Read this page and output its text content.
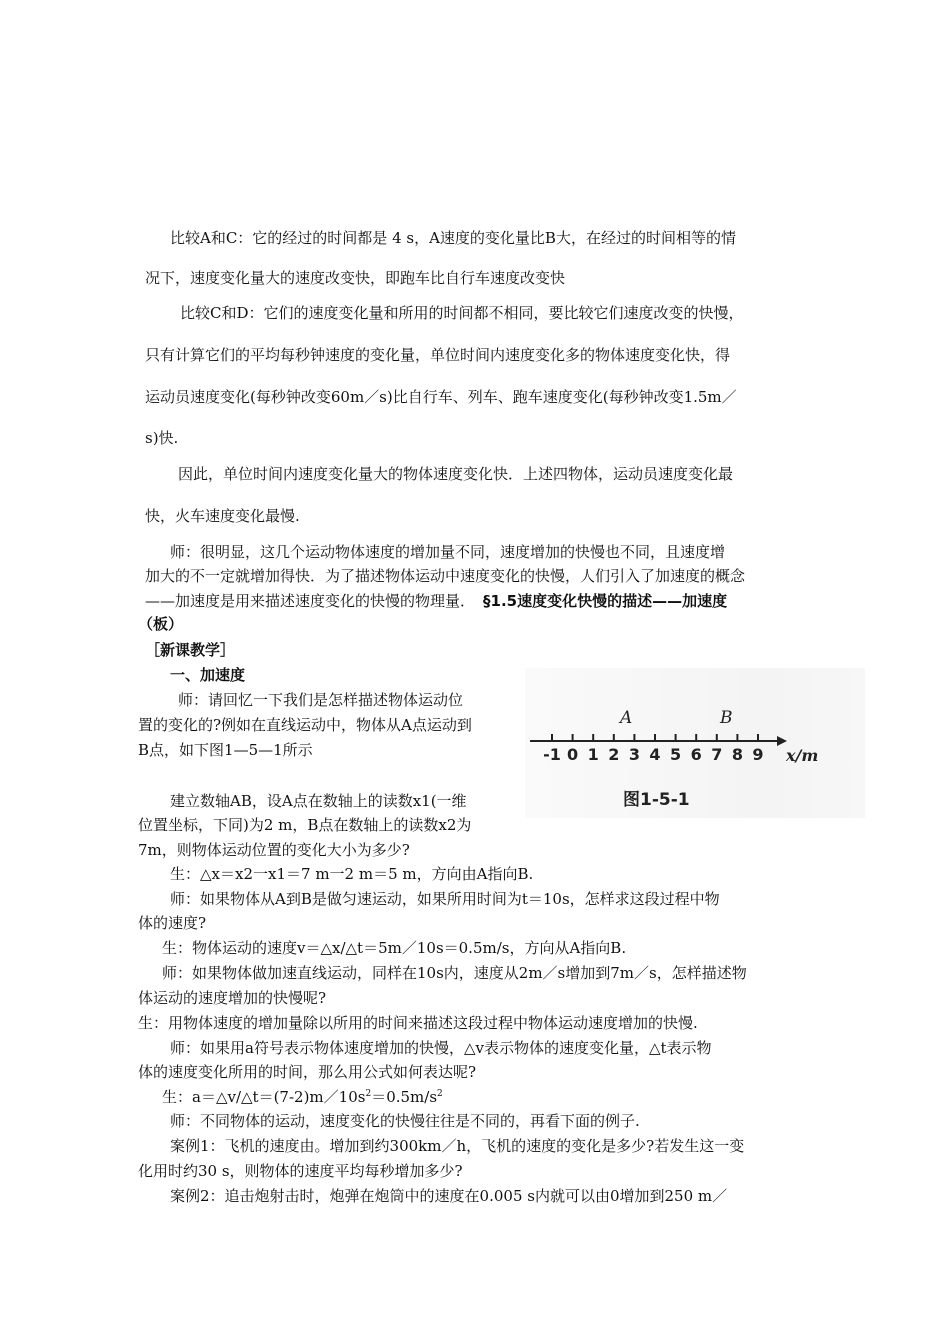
比较A和C：它的经过的时间都是 4 s，A速度的变化量比B大，在经过的时间相等的情
况下，速度变化量大的速度改变快，即跑车比自行车速度改变快
比较C和D：它们的速度变化量和所用的时间都不相同，要比较它们速度改变的快慢，
只有计算它们的平均每秒钟速度的变化量，单位时间内速度变化多的物体速度变化快，得
运动员速度变化(每秒钟改变60m／s)比自行车、列车、跑车速度变化(每秒钟改变1.5m／
s)快.
因此，单位时间内速度变化量大的物体速度变化快．上述四物体，运动员速度变化最
快，火车速度变化最慢.
师：很明显，这几个运动物体速度的增加量不同，速度增加的快慢也不同，且速度增
加大的不一定就增加得快．为了描述物体运动中速度变化的快慢，人们引入了加速度的概念
——加速度是用来描述速度变化的快慢的物理量． §1.5速度变化快慢的描述——加速度
（板）
［新课教学］
一、加速度
师：请回忆一下我们是怎样描述物体运动位
置的变化的?例如在直线运动中，物体从A点运动到
B点，如下图1—5—1所示
建立数轴AB，设A点在数轴上的读数x1(一维
位置坐标，下同)为2 m，B点在数轴上的读数x2为
7m，则物体运动位置的变化大小为多少?
-1 0 1 2 3 4 5 6 7 8 9
A	B
x/m
图1-5-1
生：△x＝x2一x1＝7 m一2 m＝5 m，方向由A指向B.
师：如果物体从A到B是做匀速运动，如果所用时间为t＝10s，怎样求这段过程中物
体的速度?
生：物体运动的速度v＝△x/△t＝5m／10s＝0.5m/s，方向从A指向B.
师：如果物体做加速直线运动，同样在10s内，速度从2m／s增加到7m／s，怎样描述物
体运动的速度增加的快慢呢?
生：用物体速度的增加量除以所用的时间来描述这段过程中物体运动速度增加的快慢.
师：如果用a符号表示物体速度增加的快慢，△v表示物体的速度变化量，△t表示物
体的速度变化所用的时间，那么用公式如何表达呢?
生：$a=\triangle v/\triangle t=(7-2)m/10s^2=0.5m/s^2$
师：不同物体的运动，速度变化的快慢往往是不同的，再看下面的例子.
案例1：飞机的速度由。增加到约300km／h，飞机的速度的变化是多少?若发生这一变
化用时约30 s，则物体的速度平均每秒增加多少?
案例2：追击炮射击时，炮弹在炮筒中的速度在0.005 s内就可以由0增加到250 m／
